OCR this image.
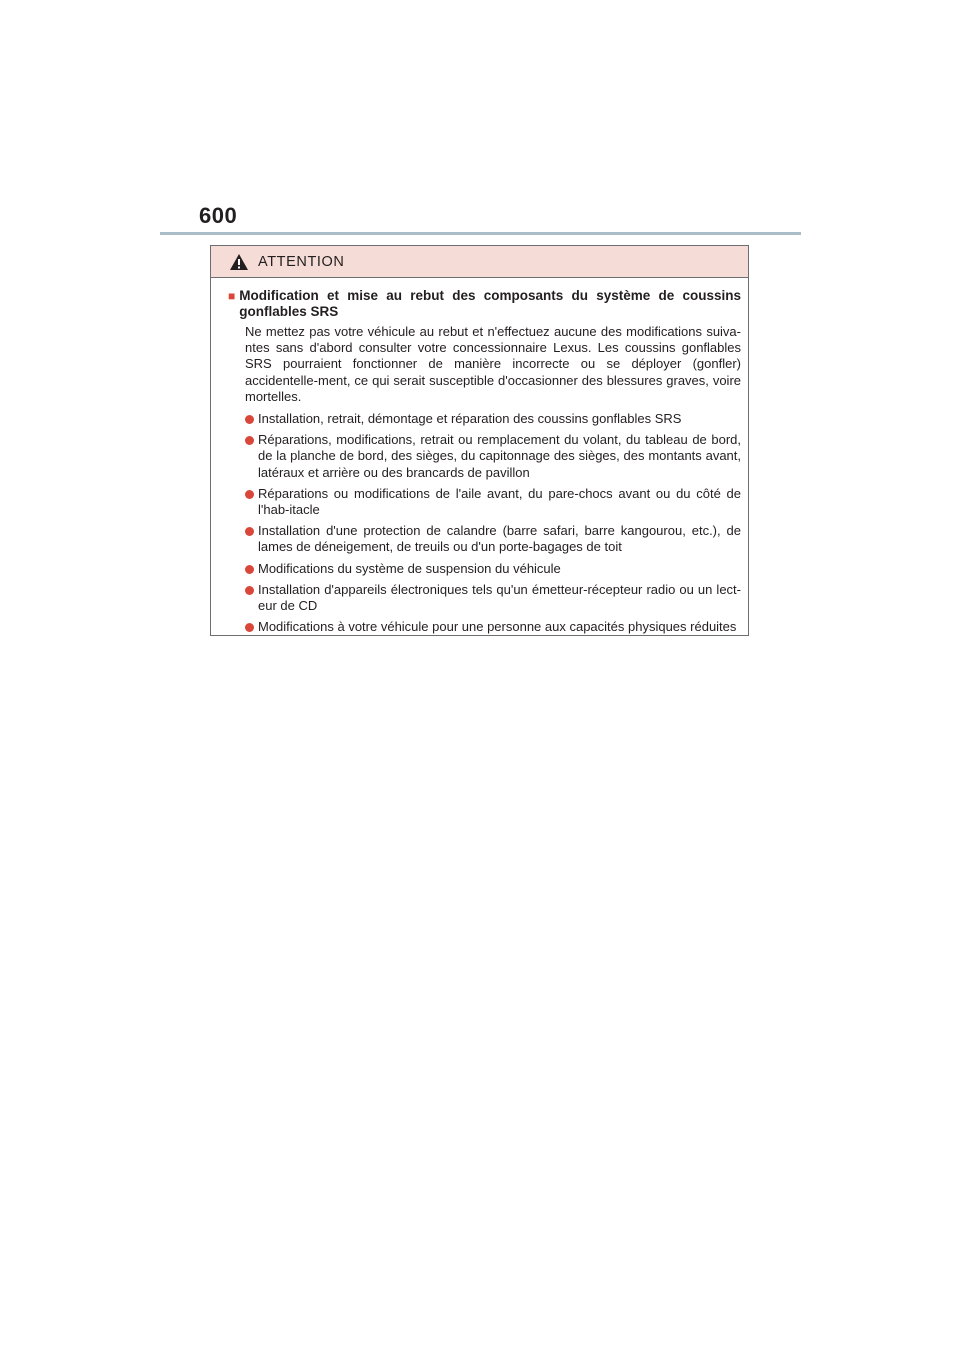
600
ATTENTION
■ Modification et mise au rebut des composants du système de coussins gonflables SRS
Ne mettez pas votre véhicule au rebut et n'effectuez aucune des modifications suiva-ntes sans d'abord consulter votre concessionnaire Lexus. Les coussins gonflables SRS pourraient fonctionner de manière incorrecte ou se déployer (gonfler) accidentelle-ment, ce qui serait susceptible d'occasionner des blessures graves, voire mortelles.
Installation, retrait, démontage et réparation des coussins gonflables SRS
Réparations, modifications, retrait ou remplacement du volant, du tableau de bord, de la planche de bord, des sièges, du capitonnage des sièges, des montants avant, latéraux et arrière ou des brancards de pavillon
Réparations ou modifications de l'aile avant, du pare-chocs avant ou du côté de l'hab-itacle
Installation d'une protection de calandre (barre safari, barre kangourou, etc.), de lames de déneigement, de treuils ou d'un porte-bagages de toit
Modifications du système de suspension du véhicule
Installation d'appareils électroniques tels qu'un émetteur-récepteur radio ou un lect-eur de CD
Modifications à votre véhicule pour une personne aux capacités physiques réduites
